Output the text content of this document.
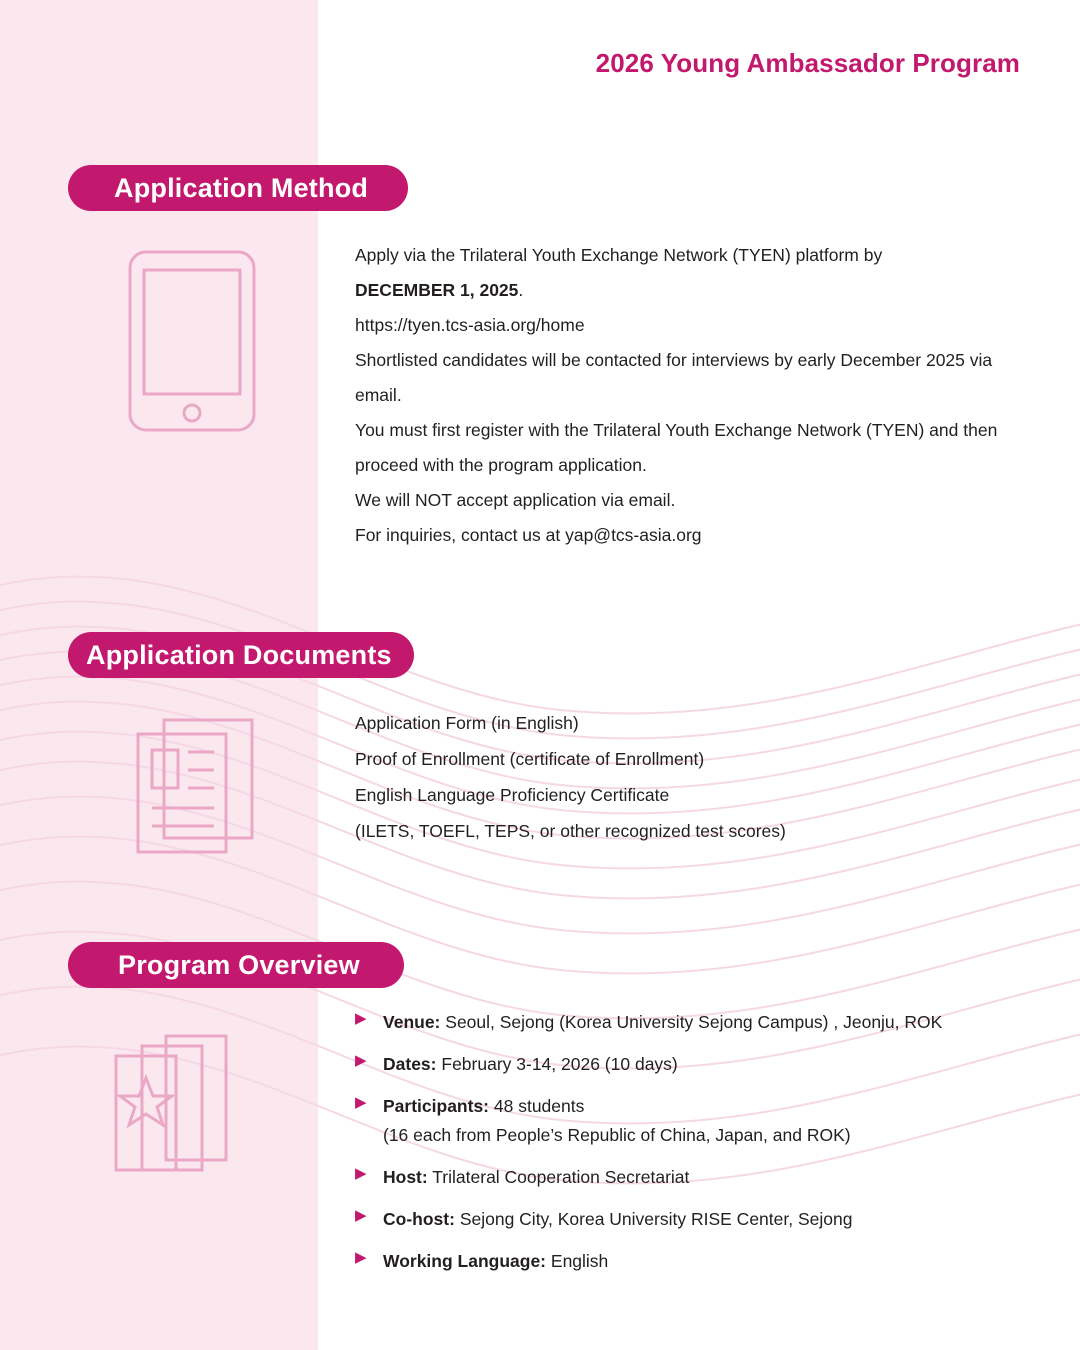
2026 Young Ambassador Program
Application Method
Apply via the Trilateral Youth Exchange Network (TYEN) platform by
DECEMBER 1, 2025.
https://tyen.tcs-asia.org/home
Shortlisted candidates will be contacted for interviews by early December 2025 via email.
You must first register with the Trilateral Youth Exchange Network (TYEN) and then proceed with the program application.
We will NOT accept application via email.
For inquiries, contact us at yap@tcs-asia.org
Application Documents
Application Form (in English)
Proof of Enrollment (certificate of Enrollment)
English Language Proficiency Certificate
(ILETS, TOEFL, TEPS, or other recognized test scores)
Program Overview
▶ Venue: Seoul, Sejong (Korea University Sejong Campus) , Jeonju, ROK
▶ Dates: February 3-14, 2026 (10 days)
▶ Participants: 48 students
(16 each from People’s Republic of China, Japan, and ROK)
▶ Host: Trilateral Cooperation Secretariat
▶ Co-host: Sejong City, Korea University RISE Center, Sejong
▶ Working Language: English
